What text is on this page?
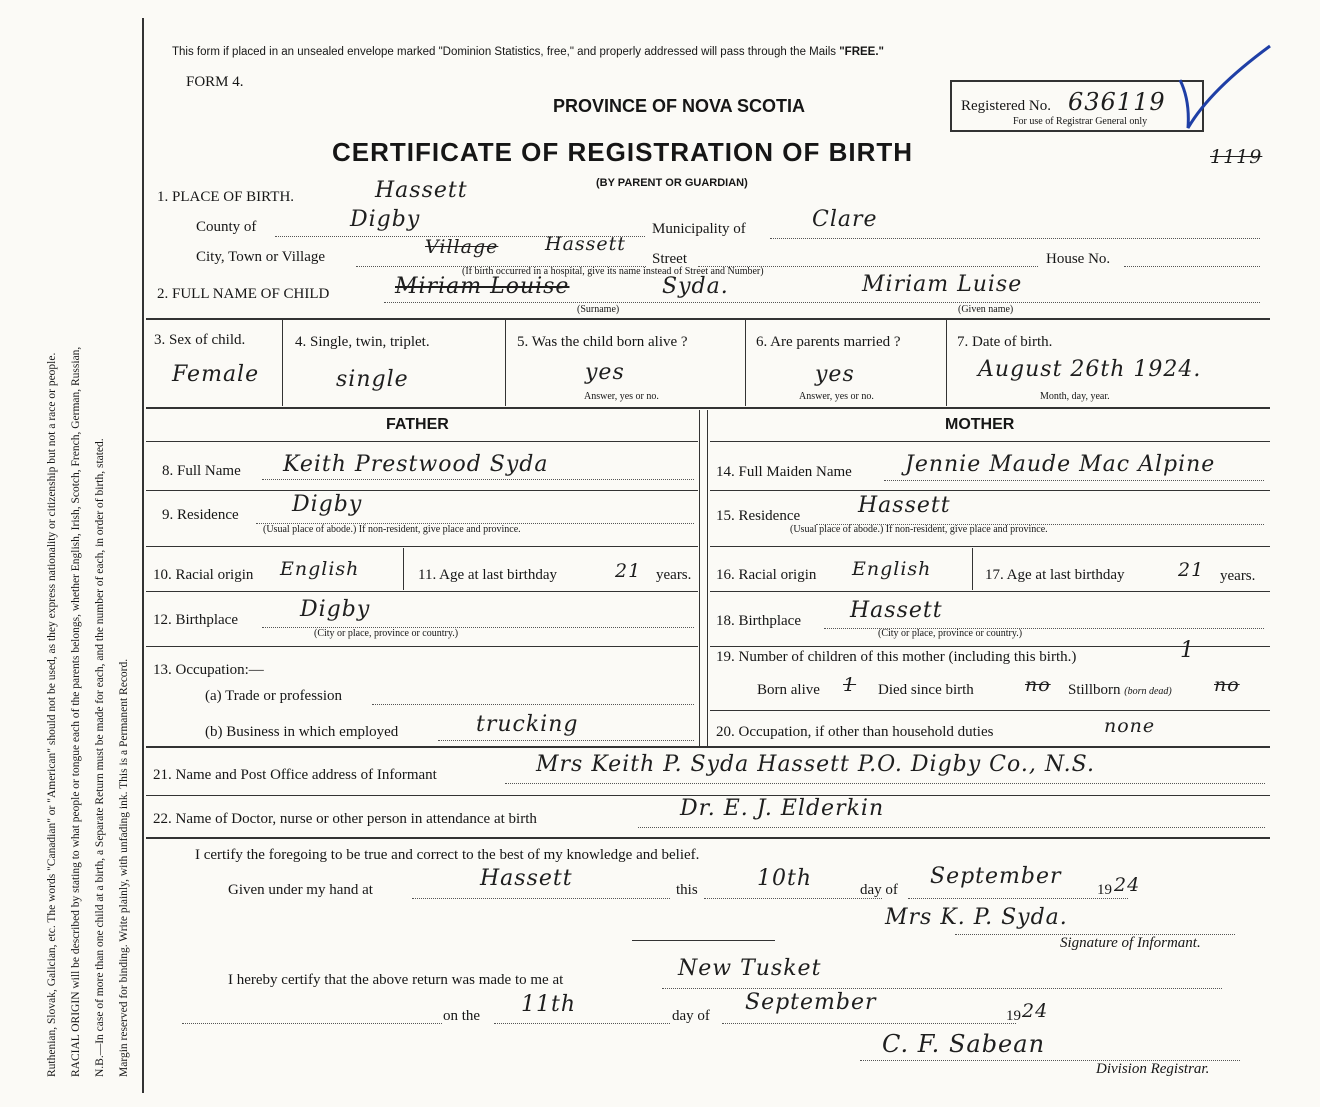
Margin reserved for binding. Write plainly, with unfading ink. This is a Permanent Record.
N.B.—In case of more than one child at a birth, a Separate Return must be made for each, and the number of each, in order of birth, stated.
RACIAL ORIGIN will be described by stating to what people or tongue each of the parents belongs, whether English, Irish, Scotch, French, German, Russian,
Ruthenian, Slovak, Galician, etc. The words "Canadian" or "American" should not be used, as they express nationality or citizenship but not a race or people.
This form if placed in an unsealed envelope marked "Dominion Statistics, free," and properly addressed will pass through the Mails "FREE."
FORM 4.
PROVINCE OF NOVA SCOTIA
CERTIFICATE OF REGISTRATION OF BIRTH
(BY PARENT OR GUARDIAN)
Registered No. 636119
For use of Registrar General only
1119
1. PLACE OF BIRTH.	Hassett
County of	Digby	Municipality of	Clare
City, Town or Village	Village Hassett
Street	House No.
(If birth occurred in a hospital, give its name instead of Street and Number)
2. FULL NAME OF CHILD	Miriam Louise	Syda.	Miriam Luise
(Surname)	(Given name)
3. Sex of child.
Female
4. Single, twin, triplet.
single
5. Was the child born alive ?
yes
Answer, yes or no.
6. Are parents married ?
yes
Answer, yes or no.
7. Date of birth.
August 26th 1924.
Month, day, year.
FATHER	MOTHER
8. Full Name Keith Prestwood Syda
9. Residence Digby
(Usual place of abode.) If non-resident, give place and province.
10. Racial origin English	11. Age at last birthday	21 years.
12. Birthplace	Digby
(City or place, province or country.)
13. Occupation:—
(a) Trade or profession
(b) Business in which employed	trucking
14. Full Maiden Name Jennie Maude Mac Alpine
15. Residence	Hassett
(Usual place of abode.) If non-resident, give place and province.
16. Racial origin English	17. Age at last birthday	21 years.
18. Birthplace Hassett
(City or place, province or country.)
19. Number of children of this mother (including this birth.)	1
Born alive 1 Died since birth	no Stillborn (born dead) no
20. Occupation, if other than household duties	none
21. Name and Post Office address of Informant	Mrs Keith P. Syda Hassett P.O. Digby Co., N.S.
22. Name of Doctor, nurse or other person in attendance at birth	Dr. E. J. Elderkin
I certify the foregoing to be true and correct to the best of my knowledge and belief.
Given under my hand at	Hassett	this	10th	day of
September
19 24
Mrs K. P. Syda.
Signature of Informant.
I hereby certify that the above return was made to me at	New Tusket
on the 11th	day of
September
19 24
C. F. Sabean
Division Registrar.
